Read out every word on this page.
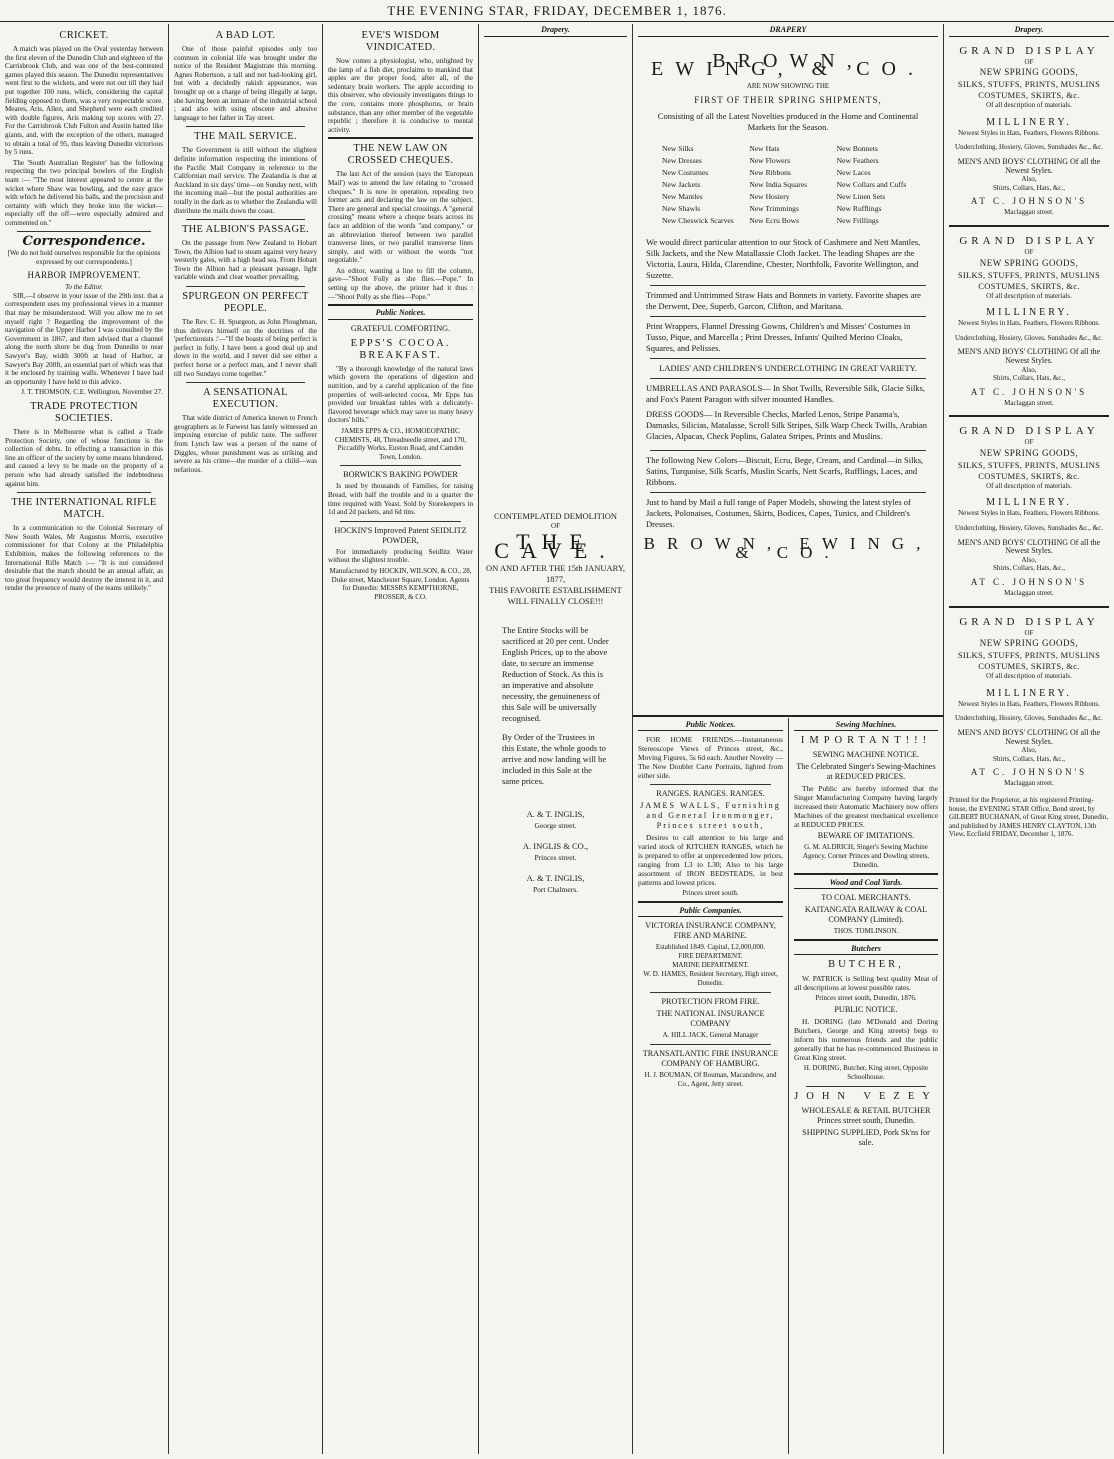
THE EVENING STAR, FRIDAY, DECEMBER 1, 1876.
CRICKET.
A match was played on the Oval yesterday between the first eleven of the Dunedin Club and eighteen of the Carrisbrook Club, and was one of the best-contested games played this season. The Dunedin representatives went first to the wickets, and were not out till they had put together 100 runs, which, considering the capital fielding opposed to them, was a very respectable score. Meares, Aris, Allen, and Shepherd were each credited with double figures, Aris making top scores with 27. For the Carrisbrook Club Fulton and Austin batted like giants, and, with the exception of the others, managed to obtain a total of 95, thus leaving Dunedin victorious by 5 runs.
The 'South Australian Register' has the following respecting the two principal bowlers of the English team :— "The most interest appeared to centre at the wicket where Shaw was bowling, and the easy grace with which he delivered his balls, and the precision and certainty with which they broke into the wicket—especially off the off—were especially admired and commented on."
Correspondence.
[We do not hold ourselves responsible for the opinions expressed by our correspondents.]
HARBOR IMPROVEMENT.
To the Editor.
SIR,—I observe in your issue of the 29th inst. that a correspondent uses my professional views in a manner that may be misunderstood. Will you allow me to set myself right ? Regarding the improvement of the navigation of the Upper Harbor I was consulted by the Government in 1867, and then advised that a channel along the north shore be dug from Dunedin to near Sawyer's Bay, width 300ft at head of Harbor, at Sawyer's Bay 200ft, an essential part of which was that it be enclosed by training walls. Whenever I have had an opportunity I have held to this advice.
J. T. THOMSON, C.E. Wellington, November 27.
TRADE PROTECTION SOCIETIES.
There is in Melbourne what is called a Trade Protection Society, one of whose functions is the collection of debts. In effecting a transaction in this line an officer of the society by some means blundered, and caused a levy to be made on the property of a person who had already satisfied the indebtedness against him.
THE INTERNATIONAL RIFLE MATCH.
In a communication to the Colonial Secretary of New South Wales, Mr Augustus Morris, executive commissioner for that Colony at the Philadelphia Exhibition, makes the following references to the International Rifle Match :— "It is not considered desirable that the match should be an annual affair, as too great frequency would destroy the interest in it, and render the presence of many of the teams unlikely."
A BAD LOT.
One of those painful episodes only too common in colonial life was brought under the notice of the Resident Magistrate this morning. Agnes Robertson, a tall and not bad-looking girl, but with a decidedly rakish appearance, was brought up on a charge of being illegally at large, she having been an inmate of the industrial school ; and also with using obscene and abusive language to her father in Tay street.
THE MAIL SERVICE.
The Government is still without the slightest definite information respecting the intentions of the Pacific Mail Company in reference to the Californian mail service. The Zealandia is due at Auckland in six days' time—on Sunday next, with the incoming mail—but the postal authorities are totally in the dark as to whether the Zealandia will distribute the mails down the coast.
THE ALBION'S PASSAGE.
On the passage from New Zealand to Hobart Town, the Albion had to steam against very heavy westerly gales, with a high head sea. From Hobart Town the Albion had a pleasant passage, light variable winds and clear weather prevailing.
SPURGEON ON PERFECT PEOPLE.
The Rev. C. H. Spurgeon, as John Ploughman, thus delivers himself on the doctrines of the 'perfectionists :'—"If the boasts of being perfect is perfect in folly. I have been a good deal up and down in the world, and I never did see either a perfect horse or a perfect man, and I never shall till two Sundays come together."
A SENSATIONAL EXECUTION.
That wide district of America known to French geographers as le Farwest has lately witnessed an imposing exercise of public taste. The sufferer from Lynch law was a person of the name of Diggles, whose punishment was as striking and severe as his crime—the murder of a child—was nefarious.
EVE'S WISDOM VINDICATED.
Now comes a physiologist, who, unlighted by the lamp of a fish diet, proclaims to mankind that apples are the proper food, after all, of the sedentary brain workers. The apple according to this observer, who obviously investigates things to the core, contains more phosphorus, or brain substance, than any other member of the vegetable republic ; therefore it is conducive to mental activity.
THE NEW LAW ON CROSSED CHEQUES.
The last Act of the session (says the 'European Mail') was to amend the law relating to "crossed cheques." It is now in operation, repealing two former acts and declaring the law on the subject. There are general and special crossings. A "general crossing" means where a cheque bears across its face an addition of the words "and company," or an abbreviation thereof between two parallel transverse lines, or two parallel transverse lines simply, and with or without the words "not negotiable."
An editor, wanting a line to fill the column, gave—"Shoot Folly as she flies.—Pope." In setting up the above, the printer had it thus :—"Shoot Polly as she flies—Pope."
Public Notices.
GRATEFUL COMFORTING.
EPPS'S COCOA. BREAKFAST.
"By a thorough knowledge of the natural laws which govern the operations of digestion and nutrition, and by a careful application of the fine properties of well-selected cocoa, Mr Epps has provided our breakfast tables with a delicately-flavored beverage which may save us many heavy doctors' bills."
JAMES EPPS & CO., HOMOEOPATHIC CHEMISTS, 48, Threadneedle street, and 170, Piccadilly Works, Euston Road, and Camden Town, London.
BORWICK'S BAKING POWDER
Is used by thousands of Families, for raising Bread, with half the trouble and in a quarter the time required with Yeast. Sold by Storekeepers in 1d and 2d packets, and 6d tins.
HOCKIN'S Improved Patent SEIDLITZ POWDER,
For immediately producing Seidlitz Water without the slightest trouble.
Manufactured by HOCKIN, WILSON, & CO., 28, Duke street, Manchester Square, London. Agents for Dunedin: MESSRS KEMPTHORNE, PROSSER, & CO.
Drapery.
CONTEMPLATED DEMOLITION
OF
THE CAVE.
ON AND AFTER THE 15th JANUARY,
1877,
THIS FAVORITE ESTABLISHMENT WILL FINALLY CLOSE!!!
The Entire Stocks will be sacrificed at 20 per cent. Under English Prices, up to the above date, to secure an immense Reduction of Stock. As this is an imperative and absolute necessity, the genuineness of this Sale will be universally recognised.
By Order of the Trustees in this Estate, the whole goods to arrive and now landing will be included in this Sale at the same prices.
A. & T. INGLIS,
George street.
A. INGLIS & CO.,
Princes street.
A. & T. INGLIS,
Port Chalmers.
DRAPERY
BROWN, EWING, & CO.
ARE NOW SHOWING THE
FIRST OF THEIR SPRING SHIPMENTS,
Consisting of all the Latest Novelties produced in the Home and Continental Markets for the Season.
New Silks
New Dresses
New Costumes
New Jackets
New Mantles
New Shawls
New Cheswick Scarves
New Hats
New Flowers
New Ribbons
New India Squares
New Hosiery
New Trimmings
New Ecru Bows
New Bonnets
New Feathers
New Laces
New Collars and Cuffs
New Linen Sets
New Rufflings
New Frillings
We would direct particular attention to our Stock of Cashmere and Nett Mantles, Silk Jackets, and the New Matallassie Cloth Jacket. The leading Shapes are the Victoria, Laura, Hilda, Clarendine, Chester, Northfolk, Favorite Wellington, and Suzette.
Trimmed and Untrimmed Straw Hats and Bonnets in variety. Favorite shapes are the Derwent, Dee, Superb, Garcon, Clifton, and Maritana.
Print Wrappers, Flannel Dressing Gowns, Children's and Misses' Costumes in Tusso, Pique, and Marcella ; Print Dresses, Infants' Quilted Merino Cloaks, Squares, and Pelisses.
LADIES' AND CHILDREN'S UNDERCLOTHING IN GREAT VARIETY.
UMBRELLAS AND PARASOLS— In Shot Twills, Reversible Silk, Glacie Silks, and Fox's Patent Paragon with silver mounted Handles.
DRESS GOODS— In Reversible Checks, Marled Lenos, Stripe Panama's, Damasks, Silicias, Matalasse, Scroll Silk Stripes, Silk Warp Check Twills, Arabian Glacies, Alpacas, Check Poplins, Galatea Stripes, Prints and Muslins.
The following New Colors—Biscuit, Ecru, Bege, Cream, and Cardinal—in Silks, Satins, Turquoise, Silk Scarfs, Muslin Scarfs, Nett Scarfs, Rufflings, Laces, and Ribbons.
Just to hand by Mail a full range of Paper Models, showing the latest styles of Jackets, Polonaises, Costumes, Skirts, Bodices, Capes, Tunics, and Children's Dresses.
BROWN, EWING, & CO.
Public Notices.
FOR HOME FRIENDS.—Instantaneous Stereoscope Views of Princes street, &c., Moving Figures, 5s 6d each. Another Novelty —The New Doublet Carte Portraits, lighted from either side.
RANGES. RANGES. RANGES.
JAMES WALLS, Furnishing and General Ironmonger, Princes street south,
Desires to call attention to his large and varied stock of KITCHEN RANGES, which he is prepared to offer at unprecedented low prices, ranging from L3 to L30; Also to his large assortment of IRON BEDSTEADS, in best patterns and lowest prices.
Princes street south.
Public Companies.
VICTORIA INSURANCE COMPANY, FIRE AND MARINE.
Established 1849. Capital, L2,000,000.
FIRE DEPARTMENT.
MARINE DEPARTMENT.
W. D. HAMES, Resident Secretary, High street, Dunedin.
PROTECTION FROM FIRE.
THE NATIONAL INSURANCE COMPANY
A. HILL JACK, General Manager
TRANSATLANTIC FIRE INSURANCE COMPANY OF HAMBURG.
H. J. BOUMAN, Of Bouman, Macandrew, and Co., Agent, Jetty street.
Sewing Machines.
IMPORTANT!!!
SEWING MACHINE NOTICE.
The Celebrated Singer's Sewing-Machines at REDUCED PRICES.
The Public are hereby informed that the Singer Manufacturing Company having largely increased their Automatic Machinery now offers Machines of the greatest mechanical excellence at REDUCED PRICES.
BEWARE OF IMITATIONS.
G. M. ALDRICH, Singer's Sewing Machine Agency, Corner Princes and Dowling streets, Dunedin.
Wood and Coal Yards.
TO COAL MERCHANTS.
KAITANGATA RAILWAY & COAL COMPANY (Limited).
THOS. TOMLINSON.
Butchers
BUTCHER,
W. PATRICK is Selling best quality Meat of all descriptions at lowest possible rates.
Princes street south, Dunedin, 1876.
PUBLIC NOTICE.
H. DORING (late M'Donald and Doring Butchers, George and King streets) begs to inform his numerous friends and the public generally that he has re-commenced Business in Great King street.
H. DORING, Butcher, King street, Opposite Schoolhouse.
JOHN VEZEY
WHOLESALE & RETAIL BUTCHER Princes street south, Dunedin.
SHIPPING SUPPLIED, Pork Sk'ns for sale.
Drapery.
GRAND DISPLAY
OF
NEW SPRING GOODS,
SILKS, STUFFS, PRINTS, MUSLINS COSTUMES, SKIRTS, &c.
Of all description of materials.
MILLINERY.
Newest Styles in Hats, Feathers, Flowers Ribbons.
Underclothing, Hosiery, Gloves, Sunshades &c., &c.
MEN'S AND BOYS' CLOTHING Of all the Newest Styles.
Also,
Shirts, Collars, Hats, &c.,
AT C. JOHNSON'S
Maclaggan street.
GRAND DISPLAY
OF
NEW SPRING GOODS,
SILKS, STUFFS, PRINTS, MUSLINS COSTUMES, SKIRTS, &c.
Of all description of materials.
MILLINERY.
Newest Styles in Hats, Feathers, Flowers Ribbons.
Underclothing, Hosiery, Gloves, Sunshades &c., &c.
MEN'S AND BOYS' CLOTHING Of all the Newest Styles.
Also,
Shirts, Collars, Hats, &c.,
AT C. JOHNSON'S
Maclaggan street.
GRAND DISPLAY
OF
NEW SPRING GOODS,
SILKS, STUFFS, PRINTS, MUSLINS COSTUMES, SKIRTS, &c.
Of all description of materials.
MILLINERY.
Newest Styles in Hats, Feathers, Flowers Ribbons.
Underclothing, Hosiery, Gloves, Sunshades &c., &c.
MEN'S AND BOYS' CLOTHING Of all the Newest Styles.
Also,
Shirts, Collars, Hats, &c.,
AT C. JOHNSON'S
Maclaggan street.
GRAND DISPLAY
OF
NEW SPRING GOODS,
SILKS, STUFFS, PRINTS, MUSLINS COSTUMES, SKIRTS, &c.
Of all description of materials.
MILLINERY.
Newest Styles in Hats, Feathers, Flowers Ribbons.
Underclothing, Hosiery, Gloves, Sunshades &c., &c.
MEN'S AND BOYS' CLOTHING Of all the Newest Styles.
Also,
Shirts, Collars, Hats, &c.,
AT C. JOHNSON'S
Maclaggan street.
Printed for the Proprietor, at his registered Printing-house, the EVENING STAR Office, Bond street, by GILBERT BUCHANAN, of Great King street, Dunedin, and published by JAMES HENRY CLAYTON, 13th View, Eccfield FRIDAY, December 1, 1876.
